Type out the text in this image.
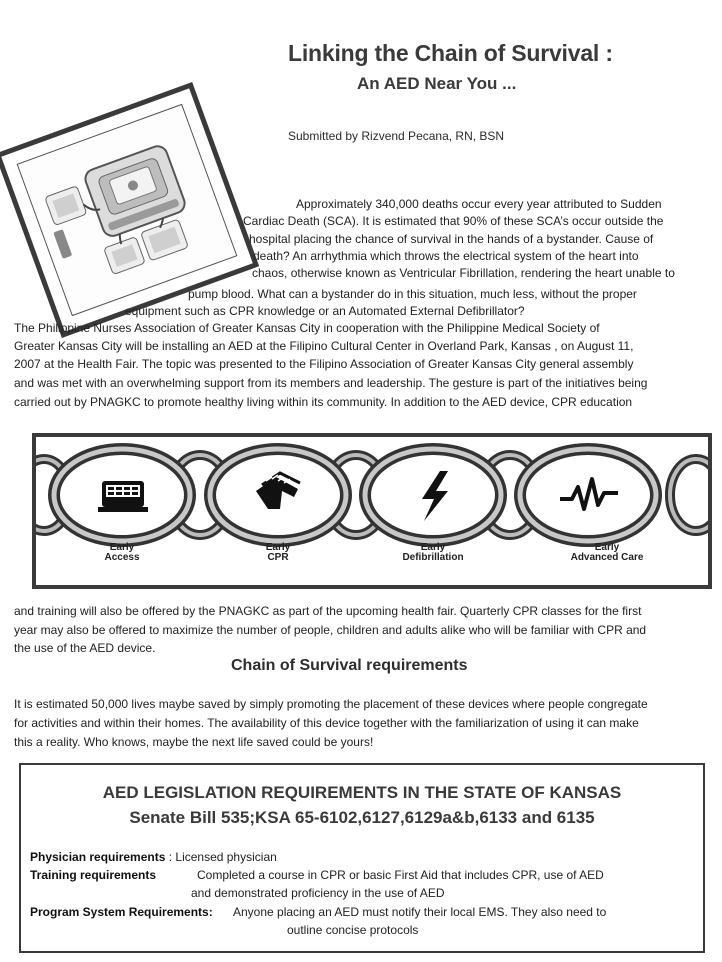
Linking the Chain of Survival :
An AED Near You ...
Submitted by Rizvend Pecana, RN, BSN
Approximately 340,000 deaths occur every year attributed to Sudden
Cardiac Death (SCA). It is estimated that 90% of these SCA’s occur outside the
hospital placing the chance of survival in the hands of a bystander. Cause of
death? An arrhythmia which throws the electrical system of the heart into
chaos, otherwise known as Ventricular Fibrillation, rendering the heart unable to
pump blood. What can a bystander do in this situation, much less, without the proper
equipment such as CPR knowledge or an Automated External Defibrillator?
The Philippine Nurses Association of Greater Kansas City in cooperation with the Philippine Medical Society of
Greater Kansas City will be installing an AED at the Filipino Cultural Center in Overland Park, Kansas , on August 11,
2007 at the Health Fair. The topic was presented to the Filipino Association of Greater Kansas City general assembly
and was met with an overwhelming support from its members and leadership. The gesture is part of the initiatives being
carried out by PNAGKC to promote healthy living within its community. In addition to the AED device, CPR education
Early
Access
Early
CPR
Early
Defibrillation
Early
Advanced Care
and training will also be offered by the PNAGKC as part of the upcoming health fair. Quarterly CPR classes for the first
year may also be offered to maximize the number of people, children and adults alike who will be familiar with CPR and
the use of the AED device.
Chain of Survival requirements
It is estimated 50,000 lives maybe saved by simply promoting the placement of these devices where people congregate
for activities and within their homes. The availability of this device together with the familiarization of using it can make
this a reality. Who knows, maybe the next life saved could be yours!
AED LEGISLATION REQUIREMENTS IN THE STATE OF KANSAS
Senate Bill 535;KSA 65-6102,6127,6129a&b,6133 and 6135
Physician requirements : Licensed physician
Training requirements	Completed a course in CPR or basic First Aid that includes CPR, use of AED
and demonstrated proficiency in the use of AED
Program System Requirements: Anyone placing an AED must notify their local EMS. They also need to
outline concise protocols
